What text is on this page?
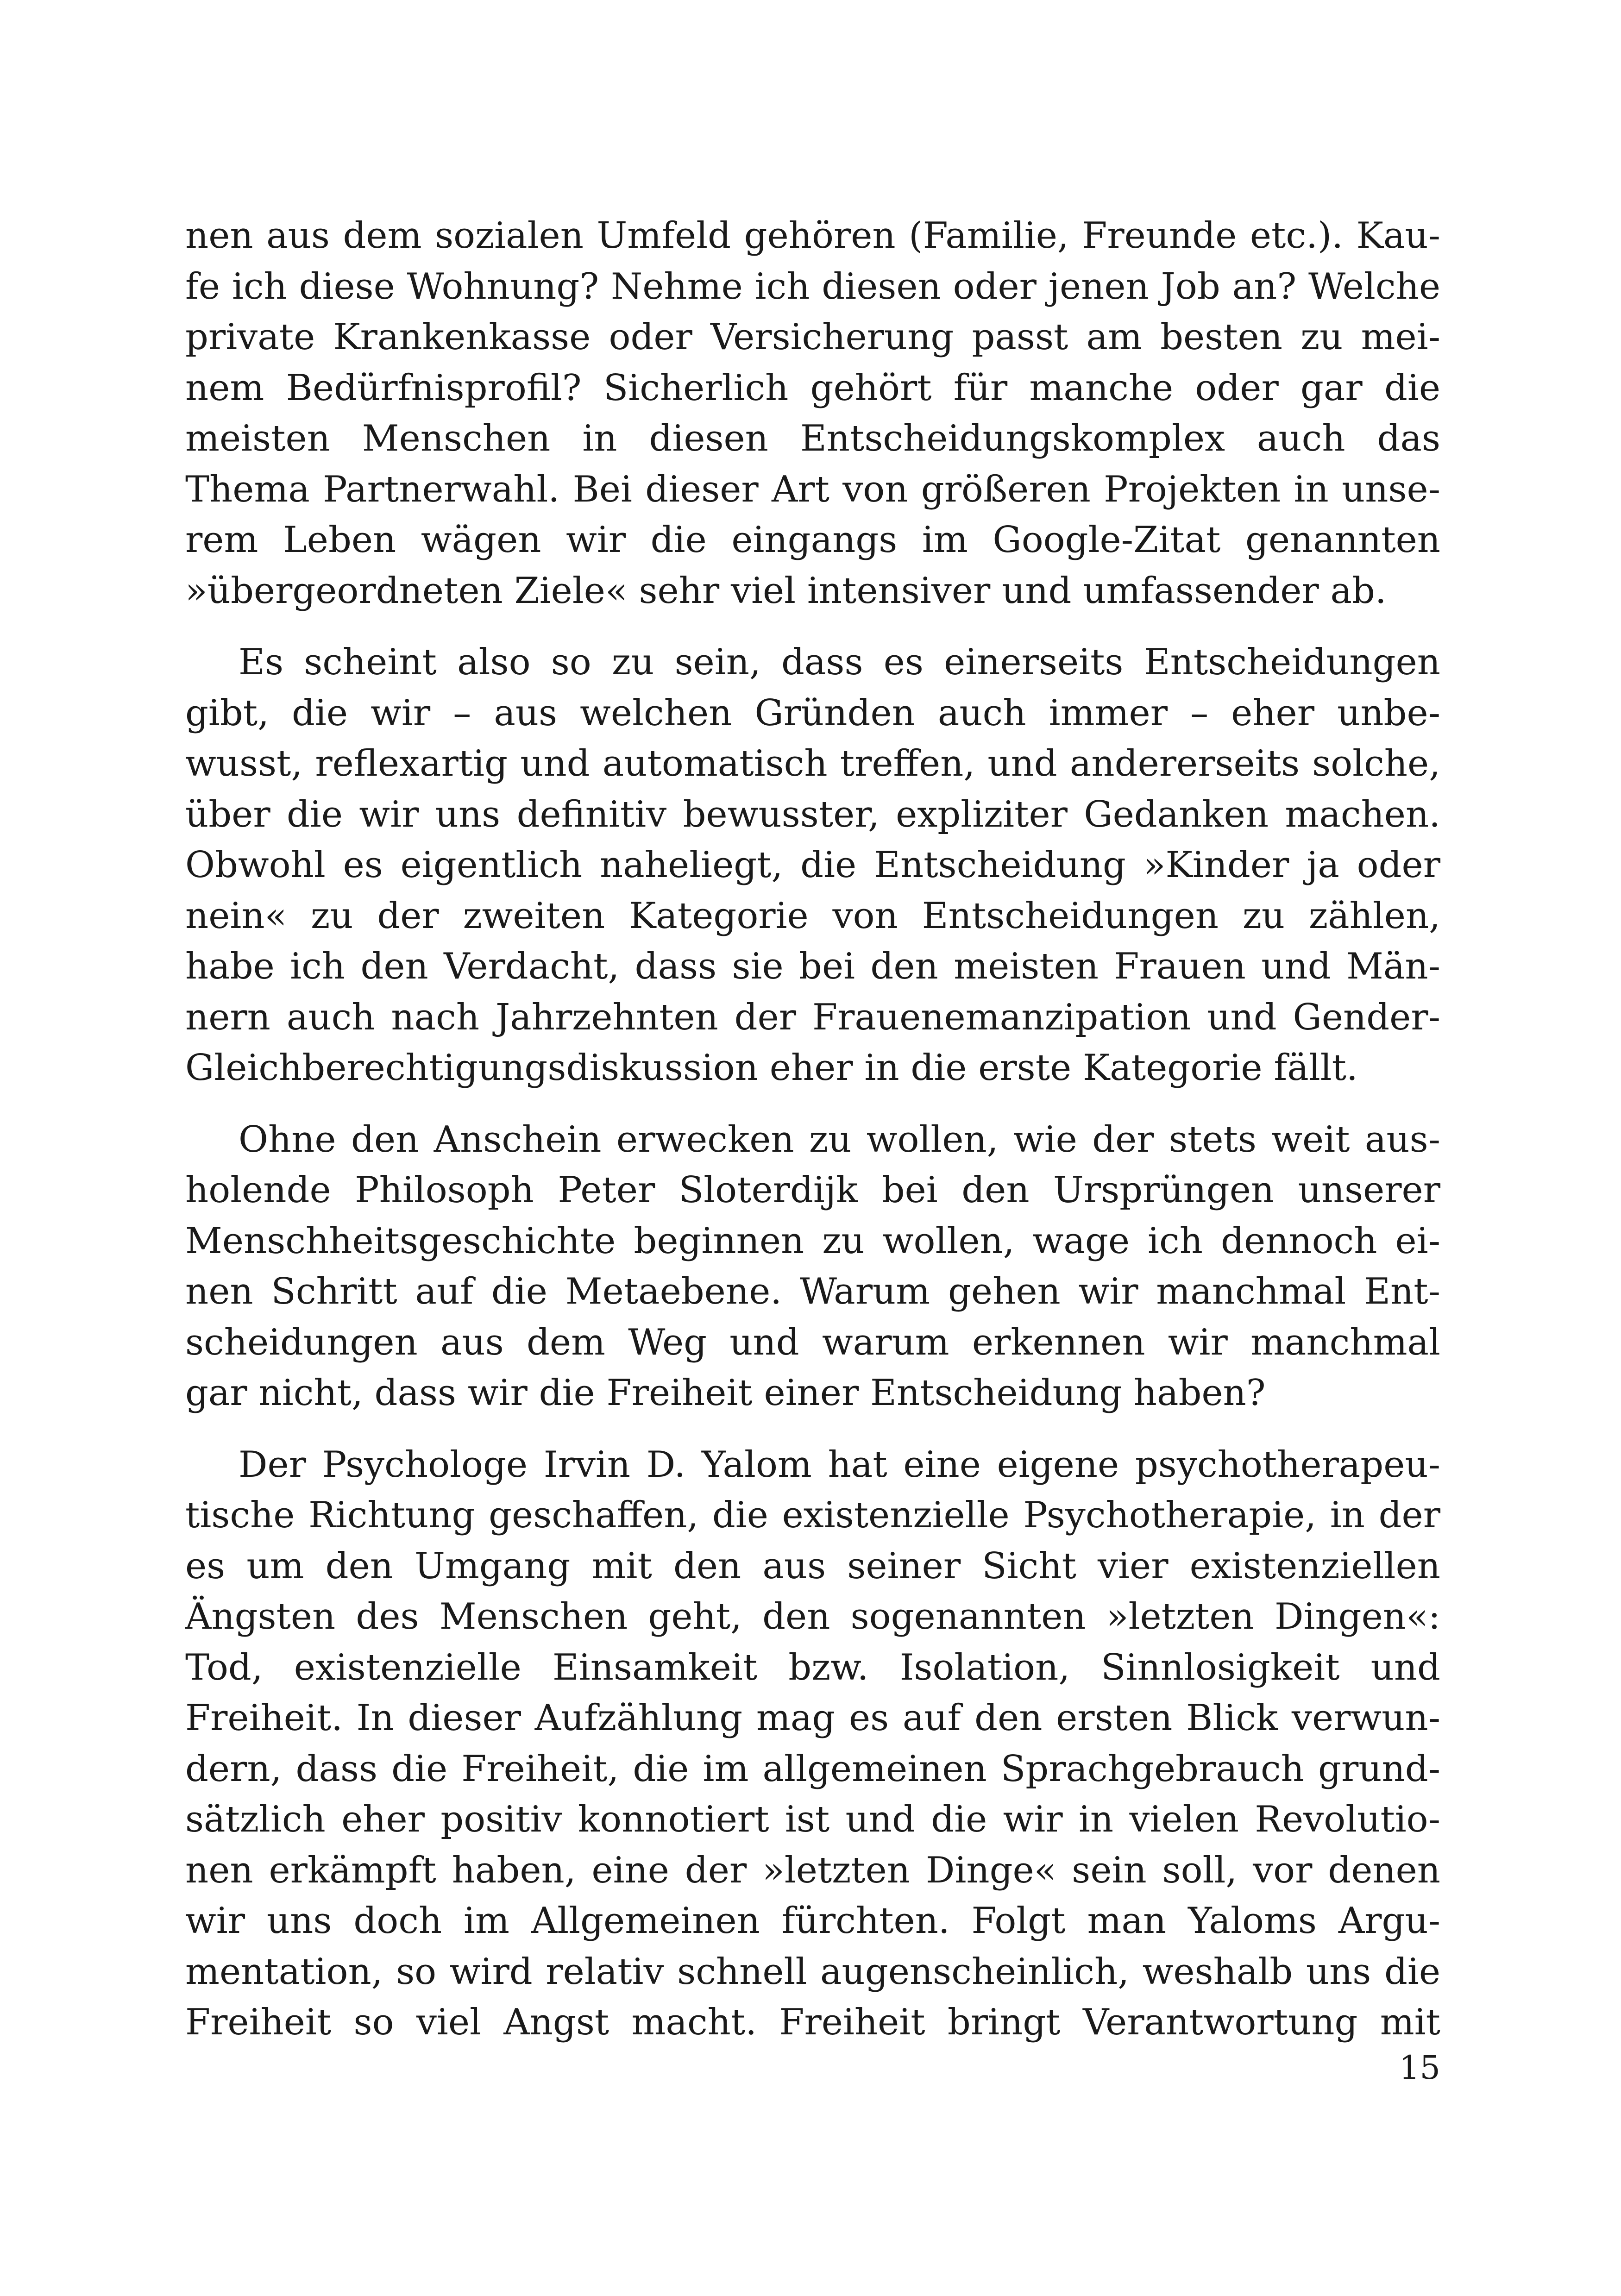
nen aus dem sozialen Umfeld gehören (Familie, Freunde etc.). Kau-
fe ich diese Wohnung? Nehme ich diesen oder jenen Job an? Welche
private Krankenkasse oder Versicherung passt am besten zu mei-
nem Bedürfnisprofil? Sicherlich gehört für manche oder gar die
meisten Menschen in diesen Entscheidungskomplex auch das
Thema Partnerwahl. Bei dieser Art von größeren Projekten in unse-
rem Leben wägen wir die eingangs im Google-Zitat genannten
»übergeordneten Ziele« sehr viel intensiver und umfassender ab.

Es scheint also so zu sein, dass es einerseits Entscheidungen
gibt, die wir – aus welchen Gründen auch immer – eher unbe-
wusst, reflexartig und automatisch treffen, und andererseits solche,
über die wir uns definitiv bewusster, expliziter Gedanken machen.
Obwohl es eigentlich naheliegt, die Entscheidung »Kinder ja oder
nein« zu der zweiten Kategorie von Entscheidungen zu zählen,
habe ich den Verdacht, dass sie bei den meisten Frauen und Män-
nern auch nach Jahrzehnten der Frauenemanzipation und Gender-
Gleichberechtigungsdiskussion eher in die erste Kategorie fällt.

Ohne den Anschein erwecken zu wollen, wie der stets weit aus-
holende Philosoph Peter Sloterdijk bei den Ursprüngen unserer
Menschheitsgeschichte beginnen zu wollen, wage ich dennoch ei-
nen Schritt auf die Metaebene. Warum gehen wir manchmal Ent-
scheidungen aus dem Weg und warum erkennen wir manchmal
gar nicht, dass wir die Freiheit einer Entscheidung haben?

Der Psychologe Irvin D. Yalom hat eine eigene psychotherapeu-
tische Richtung geschaffen, die existenzielle Psychotherapie, in der
es um den Umgang mit den aus seiner Sicht vier existenziellen
Ängsten des Menschen geht, den sogenannten »letzten Dingen«:
Tod, existenzielle Einsamkeit bzw. Isolation, Sinnlosigkeit und
Freiheit. In dieser Aufzählung mag es auf den ersten Blick verwun-
dern, dass die Freiheit, die im allgemeinen Sprachgebrauch grund-
sätzlich eher positiv konnotiert ist und die wir in vielen Revolutio-
nen erkämpft haben, eine der »letzten Dinge« sein soll, vor denen
wir uns doch im Allgemeinen fürchten. Folgt man Yaloms Argu-
mentation, so wird relativ schnell augenscheinlich, weshalb uns die
Freiheit so viel Angst macht. Freiheit bringt Verantwortung mit

15
